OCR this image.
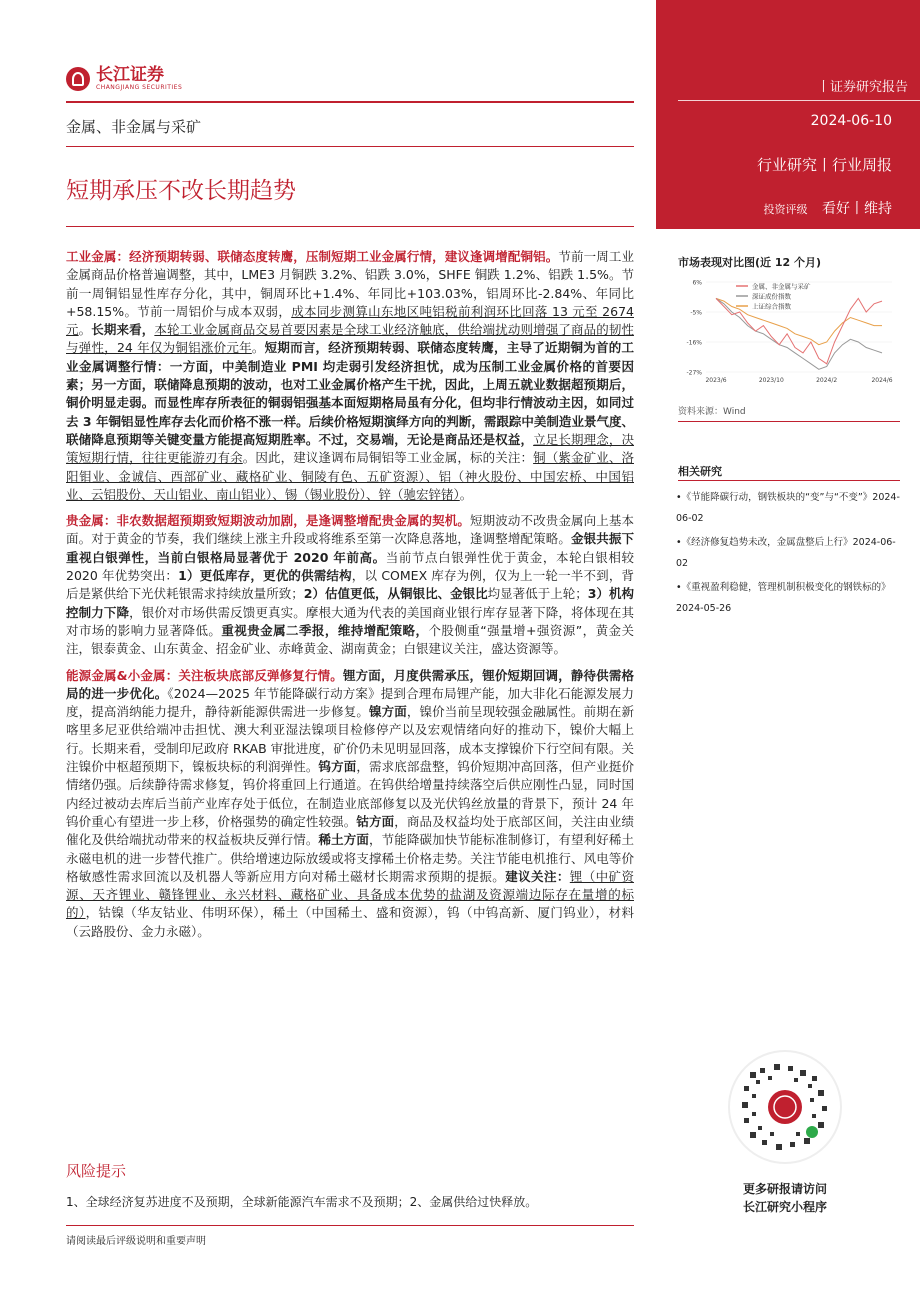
长江证券
CHANGJIANG SECURITIES
金属、非金属与采矿
短期承压不改长期趋势
丨证券研究报告
2024-06-10
行业研究丨行业周报
投资评级 看好丨维持
市场表现对比图(近 12 个月)
6%
-5%
-16%
-27%
2023/6	2023/10	2024/2	2024/6
金属、非金属与采矿
深证成份指数
上证综合指数
资料来源：Wind
相关研究
•《节能降碳行动，钢铁板块的“变”与“不变”》2024-06-02
•《经济修复趋势未改，金属盘整后上行》2024-06-02
•《重视盈利稳健，管理机制积极变化的钢铁标的》2024-05-26

工业金属：经济预期转弱、联储态度转鹰，压制短期工业金属行情，建议逢调增配铜铝。节前一周工业金属商品价格普遍调整，其中，LME3 月铜跌 3.2%、铝跌 3.0%，SHFE 铜跌 1.2%、铝跌 1.5%。节前一周铜铝显性库存分化，其中，铜周环比+1.4%、年同比+103.03%，铝周环比-2.84%、年同比+58.15%。节前一周铝价与成本双弱，成本同步测算山东地区吨铝税前利润环比回落 13 元至 2674 元。长期来看，本轮工业金属商品交易首要因素是全球工业经济触底，供给端扰动则增强了商品的韧性与弹性，24 年仅为铜铝涨价元年。短期而言，经济预期转弱、联储态度转鹰，主导了近期铜为首的工业金属调整行情：一方面，中美制造业 PMI 均走弱引发经济担忧，成为压制工业金属价格的首要因素；另一方面，联储降息预期的波动，也对工业金属价格产生干扰，因此，上周五就业数据超预期后，铜价明显走弱。而显性库存所表征的铜弱铝强基本面短期格局虽有分化，但均非行情波动主因，如同过去 3 年铜铝显性库存去化而价格不涨一样。后续价格短期演绎方向的判断，需跟踪中美制造业景气度、联储降息预期等关键变量方能提高短期胜率。不过，交易端，无论是商品还是权益，立足长期理念，决策短期行情，往往更能游刃有余。因此，建议逢调布局铜铝等工业金属，标的关注：铜（紫金矿业、洛阳钼业、金诚信、西部矿业、藏格矿业、铜陵有色、五矿资源）、铝（神火股份、中国宏桥、中国铝业、云铝股份、天山铝业、南山铝业）、锡（锡业股份）、锌（驰宏锌锗）。

贵金属：非农数据超预期致短期波动加剧，是逢调整增配贵金属的契机。短期波动不改贵金属向上基本面。对于黄金的节奏，我们继续上涨主升段或将维系至第一次降息落地，逢调整增配策略。金银共振下重视白银弹性，当前白银格局显著优于 2020 年前高。当前节点白银弹性优于黄金，本轮白银相较 2020 年优势突出：1）更低库存，更优的供需结构，以 COMEX 库存为例，仅为上一轮一半不到，背后是紧供给下光伏耗银需求持续放量所致；2）估值更低，从铜银比、金银比均显著低于上轮；3）机构控制力下降，银价对市场供需反馈更真实。摩根大通为代表的美国商业银行库存显著下降，将体现在其对市场的影响力显著降低。重视贵金属二季报，维持增配策略，个股侧重“强量增+强资源”，黄金关注，银泰黄金、山东黄金、招金矿业、赤峰黄金、湖南黄金；白银建议关注，盛达资源等。

能源金属&小金属：关注板块底部反弹修复行情。锂方面，月度供需承压，锂价短期回调，静待供需格局的进一步优化。《2024—2025 年节能降碳行动方案》提到合理布局锂产能，加大非化石能源发展力度，提高消纳能力提升，静待新能源供需进一步修复。镍方面，镍价当前呈现较强金融属性。前期在新喀里多尼亚供给端冲击担忧、澳大利亚湿法镍项目检修停产以及宏观情绪向好的推动下，镍价大幅上行。长期来看，受制印尼政府 RKAB 审批进度，矿价仍未见明显回落，成本支撑镍价下行空间有限。关注镍价中枢超预期下，镍板块标的利润弹性。钨方面，需求底部盘整，钨价短期冲高回落，但产业挺价情绪仍强。后续静待需求修复，钨价将重回上行通道。在钨供给增量持续落空后供应刚性凸显，同时国内经过被动去库后当前产业库存处于低位，在制造业底部修复以及光伏钨丝放量的背景下，预计 24 年钨价重心有望进一步上移，价格强势的确定性较强。钴方面，商品及权益均处于底部区间，关注由业绩催化及供给端扰动带来的权益板块反弹行情。稀土方面，节能降碳加快节能标准制修订，有望利好稀土永磁电机的进一步替代推广。供给增速边际放缓或将支撑稀土价格走势。关注节能电机推行、风电等价格敏感性需求回流以及机器人等新应用方向对稀土磁材长期需求预期的提振。建议关注：锂（中矿资源、天齐锂业、赣锋锂业、永兴材料、藏格矿业、具备成本优势的盐湖及资源端边际存在量增的标的），钴镍（华友钴业、伟明环保），稀土（中国稀土、盛和资源），钨（中钨高新、厦门钨业），材料（云路股份、金力永磁）。

更多研报请访问
长江研究小程序
风险提示
1、全球经济复苏进度不及预期，全球新能源汽车需求不及预期；2、金属供给过快释放。
请阅读最后评级说明和重要声明
